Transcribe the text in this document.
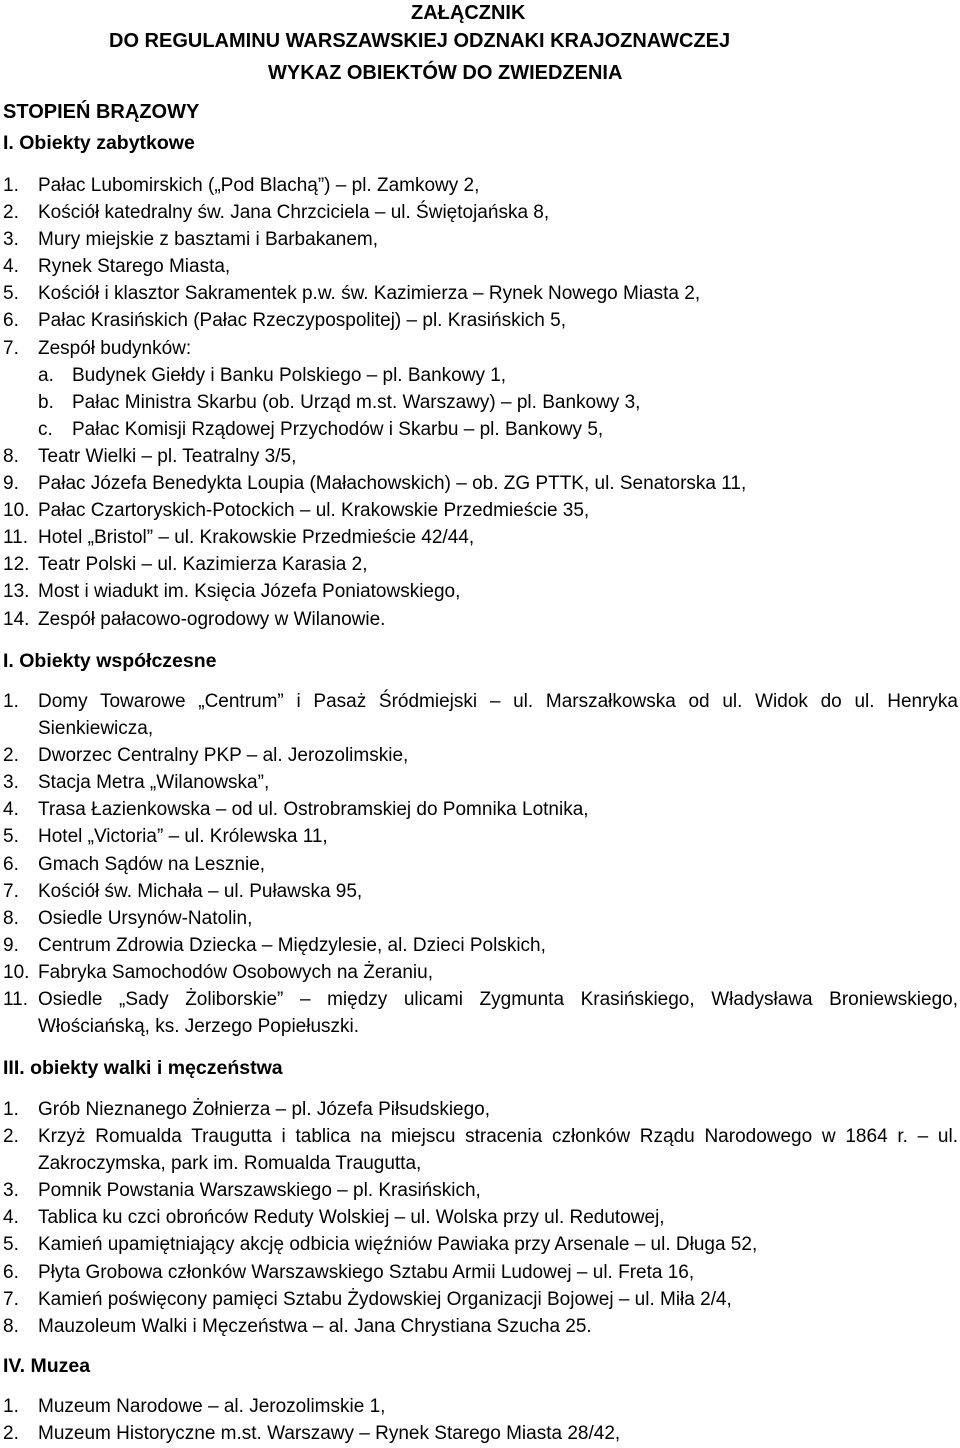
ZAŁĄCZNIK
DO REGULAMINU WARSZAWSKIEJ ODZNAKI KRAJOZNAWCZEJ
WYKAZ OBIEKTÓW DO ZWIEDZENIA
STOPIEŃ BRĄZOWY
I. Obiekty zabytkowe
1. Pałac Lubomirskich („Pod Blachą”) – pl. Zamkowy 2,
2. Kościół katedralny św. Jana Chrzciciela – ul. Świętojańska 8,
3. Mury miejskie z basztami i Barbakanem,
4. Rynek Starego Miasta,
5. Kościół i klasztor Sakramentek p.w. św. Kazimierza – Rynek Nowego Miasta 2,
6. Pałac Krasińskich (Pałac Rzeczypospolitej) – pl. Krasińskich 5,
7. Zespół budynków:
a. Budynek Giełdy i Banku Polskiego – pl. Bankowy 1,
b. Pałac Ministra Skarbu (ob. Urząd m.st. Warszawy) – pl. Bankowy 3,
c. Pałac Komisji Rządowej Przychodów i Skarbu – pl. Bankowy 5,
8. Teatr Wielki – pl. Teatralny 3/5,
9. Pałac Józefa Benedykta Loupia (Małachowskich) – ob. ZG PTTK, ul. Senatorska 11,
10. Pałac Czartoryskich-Potockich – ul. Krakowskie Przedmieście 35,
11. Hotel „Bristol” – ul. Krakowskie Przedmieście 42/44,
12. Teatr Polski – ul. Kazimierza Karasia 2,
13. Most i wiadukt im. Księcia Józefa Poniatowskiego,
14. Zespół pałacowo-ogrodowy w Wilanowie.
I. Obiekty współczesne
1. Domy Towarowe „Centrum” i Pasaż Śródmiejski – ul. Marszałkowska od ul. Widok do ul. Henryka Sienkiewicza,
2. Dworzec Centralny PKP – al. Jerozolimskie,
3. Stacja Metra „Wilanowska”,
4. Trasa Łazienkowska – od ul. Ostrobramskiej do Pomnika Lotnika,
5. Hotel „Victoria” – ul. Królewska 11,
6. Gmach Sądów na Lesznie,
7. Kościół św. Michała – ul. Puławska 95,
8. Osiedle Ursynów-Natolin,
9. Centrum Zdrowia Dziecka – Międzylesie, al. Dzieci Polskich,
10. Fabryka Samochodów Osobowych na Żeraniu,
11. Osiedle „Sady Żoliborskie” – między ulicami Zygmunta Krasińskiego, Władysława Broniewskiego, Włościańską, ks. Jerzego Popiełuszki.
III. obiekty walki i męczeństwa
1. Grób Nieznanego Żołnierza – pl. Józefa Piłsudskiego,
2. Krzyż Romualda Traugutta i tablica na miejscu stracenia członków Rządu Narodowego w 1864 r. – ul. Zakroczymska, park im. Romualda Traugutta,
3. Pomnik Powstania Warszawskiego – pl. Krasińskich,
4. Tablica ku czci obrońców Reduty Wolskiej – ul. Wolska przy ul. Redutowej,
5. Kamień upamiętniający akcję odbicia więźniów Pawiaka przy Arsenale – ul. Długa 52,
6. Płyta Grobowa członków Warszawskiego Sztabu Armii Ludowej – ul. Freta 16,
7. Kamień poświęcony pamięci Sztabu Żydowskiej Organizacji Bojowej – ul. Miła 2/4,
8. Mauzoleum Walki i Męczeństwa – al. Jana Chrystiana Szucha 25.
IV. Muzea
1. Muzeum Narodowe – al. Jerozolimskie 1,
2. Muzeum Historyczne m.st. Warszawy – Rynek Starego Miasta 28/42,
